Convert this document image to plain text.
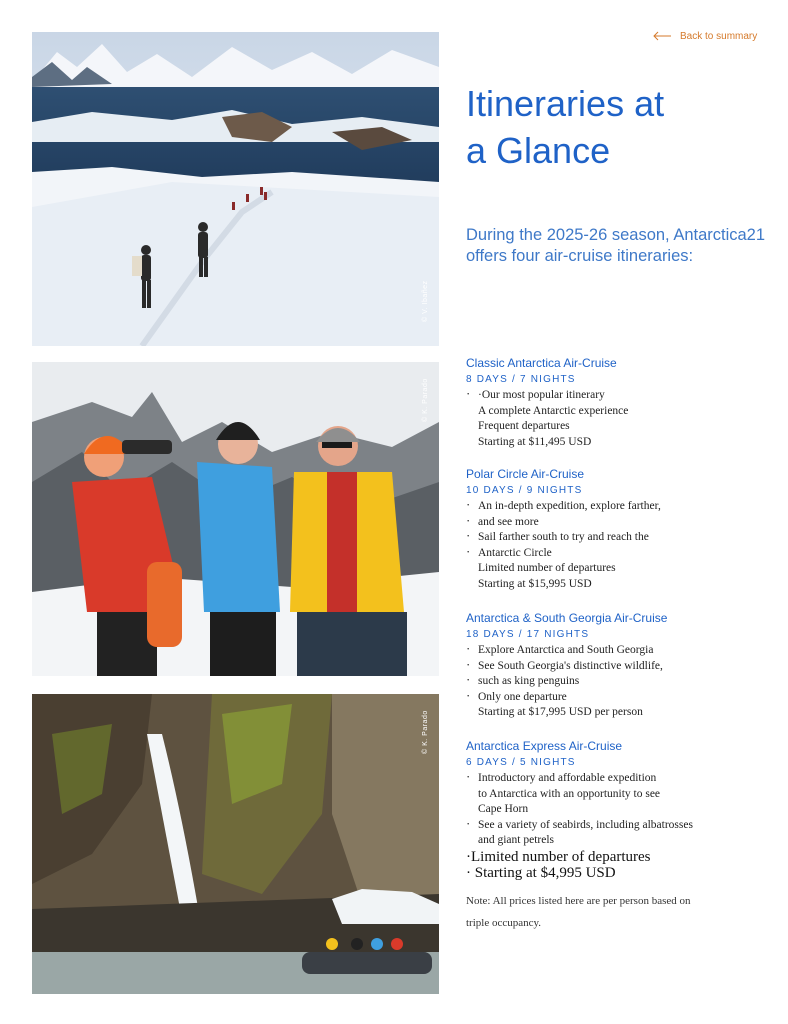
Back to summary
© V. Ibañez
© K. Parado
© K. Parado
Itineraries at
a Glance

During the 2025-26 season, Antarctica21 offers four air-cruise itineraries:

Classic Antarctica Air-Cruise

8 DAYS / 7 NIGHTS

· ·Our most popular itinerary
A complete Antarctic experience
Frequent departures
Starting at $11,495 USD

Polar Circle Air-Cruise

10 DAYS / 9 NIGHTS

· An in-depth expedition, explore farther,
· and see more
· Sail farther south to try and reach the
· Antarctic Circle
Limited number of departures
Starting at $15,995 USD

Antarctica & South Georgia Air-Cruise

18 DAYS / 17 NIGHTS

· Explore Antarctica and South Georgia
· See South Georgia's distinctive wildlife,
· such as king penguins
· Only one departure
Starting at $17,995 USD per person

Antarctica Express Air-Cruise

6 DAYS / 5 NIGHTS

· Introductory and affordable expedition
to Antarctica with an opportunity to see
Cape Horn
· See a variety of seabirds, including albatrosses
and giant petrels

·Limited number of departures
· Starting at $4,995 USD

Note: All prices listed here are per person based on triple occupancy.
